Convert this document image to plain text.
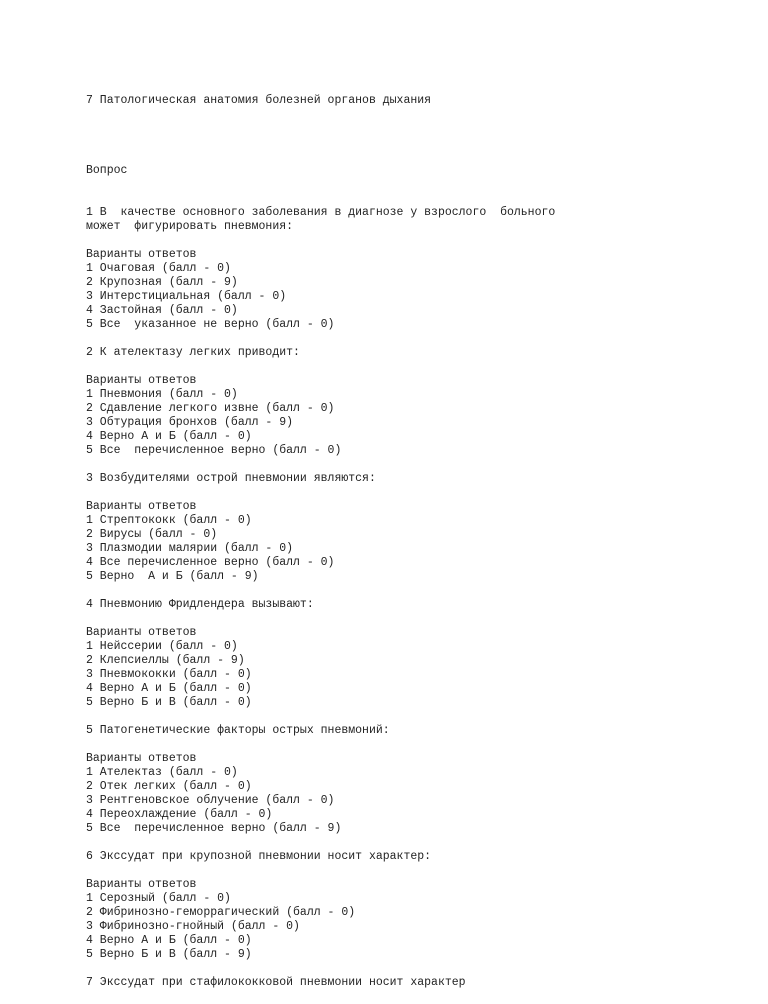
7 Патологическая анатомия болезней органов дыхания

Вопрос

1 В  качестве основного заболевания в диагнозе у взрослого  больного
может  фигурировать пневмония:
Варианты ответов
1 Очаговая (балл - 0)
2 Крупозная (балл - 9)
3 Интерстициальная (балл - 0)
4 Застойная (балл - 0)
5 Все  указанное не верно (балл - 0)
2 К ателектазу легких приводит:
Варианты ответов
1 Пневмония (балл - 0)
2 Сдавление легкого извне (балл - 0)
3 Обтурация бронхов (балл - 9)
4 Верно А и Б (балл - 0)
5 Все  перечисленное верно (балл - 0)
3 Возбудителями острой пневмонии являются:
Варианты ответов
1 Стрептококк (балл - 0)
2 Вирусы (балл - 0)
3 Плазмодии малярии (балл - 0)
4 Все перечисленное верно (балл - 0)
5 Верно  А и Б (балл - 9)
4 Пневмонию Фридлендера вызывают:
Варианты ответов
1 Нейссерии (балл - 0)
2 Клепсиеллы (балл - 9)
3 Пневмококки (балл - 0)
4 Верно А и Б (балл - 0)
5 Верно Б и В (балл - 0)
5 Патогенетические факторы острых пневмоний:
Варианты ответов
1 Ателектаз (балл - 0)
2 Отек легких (балл - 0)
3 Рентгеновское облучение (балл - 0)
4 Переохлаждение (балл - 0)
5 Все  перечисленное верно (балл - 9)
6 Экссудат при крупозной пневмонии носит характер:
Варианты ответов
1 Серозный (балл - 0)
2 Фибринозно-геморрагический (балл - 0)
3 Фибринозно-гнойный (балл - 0)
4 Верно А и Б (балл - 0)
5 Верно Б и В (балл - 9)
7 Экссудат при стафилококковой пневмонии носит характер
